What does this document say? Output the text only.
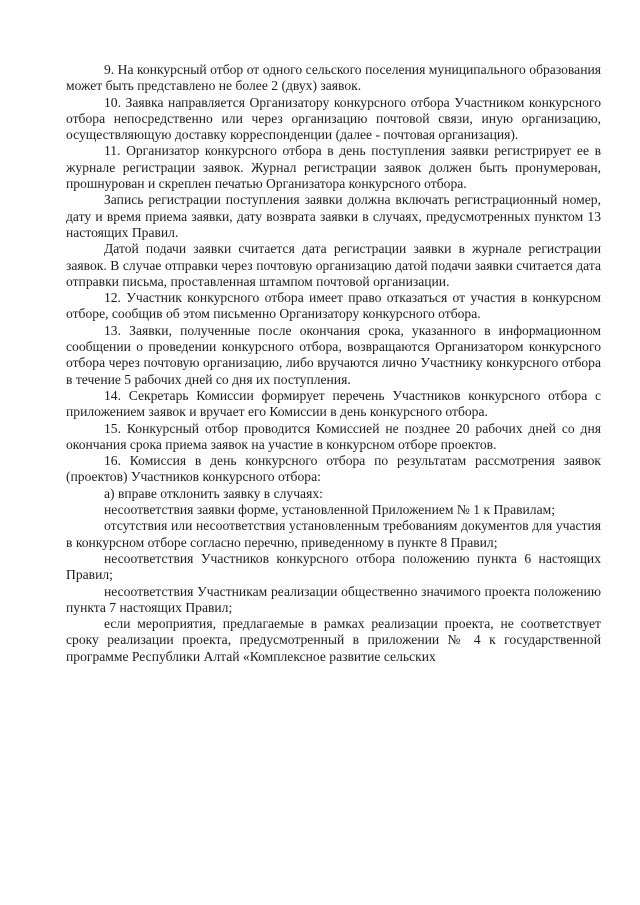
9. На конкурсный отбор от одного сельского поселения муниципального образования может быть представлено не более 2 (двух) заявок.

10. Заявка направляется Организатору конкурсного отбора Участником конкурсного отбора непосредственно или через организацию почтовой связи, иную организацию, осуществляющую доставку корреспонденции (далее - почтовая организация).

11. Организатор конкурсного отбора в день поступления заявки регистрирует ее в журнале регистрации заявок. Журнал регистрации заявок должен быть пронумерован, прошнурован и скреплен печатью Организатора конкурсного отбора.

Запись регистрации поступления заявки должна включать регистрационный номер, дату и время приема заявки, дату возврата заявки в случаях, предусмотренных пунктом 13 настоящих Правил.

Датой подачи заявки считается дата регистрации заявки в журнале регистрации заявок. В случае отправки через почтовую организацию датой подачи заявки считается дата отправки письма, проставленная штампом почтовой организации.

12. Участник конкурсного отбора имеет право отказаться от участия в конкурсном отборе, сообщив об этом письменно Организатору конкурсного отбора.

13. Заявки, полученные после окончания срока, указанного в информационном сообщении о проведении конкурсного отбора, возвращаются Организатором конкурсного отбора через почтовую организацию, либо вручаются лично Участнику конкурсного отбора в течение 5 рабочих дней со дня их поступления.

14. Секретарь Комиссии формирует перечень Участников конкурсного отбора с приложением заявок и вручает его Комиссии в день конкурсного отбора.

15. Конкурсный отбор проводится Комиссией не позднее 20 рабочих дней со дня окончания срока приема заявок на участие в конкурсном отборе проектов.

16. Комиссия в день конкурсного отбора по результатам рассмотрения заявок (проектов) Участников конкурсного отбора:

а) вправе отклонить заявку в случаях:

несоответствия заявки форме, установленной Приложением № 1 к Правилам;

отсутствия или несоответствия установленным требованиям документов для участия в конкурсном отборе согласно перечню, приведенному в пункте 8 Правил;

несоответствия Участников конкурсного отбора положению пункта 6 настоящих Правил;

несоответствия Участникам реализации общественно значимого проекта положению пункта 7 настоящих Правил;

если мероприятия, предлагаемые в рамках реализации проекта, не соответствует сроку реализации проекта, предусмотренный в приложении № 4 к государственной программе Республики Алтай «Комплексное развитие сельских
